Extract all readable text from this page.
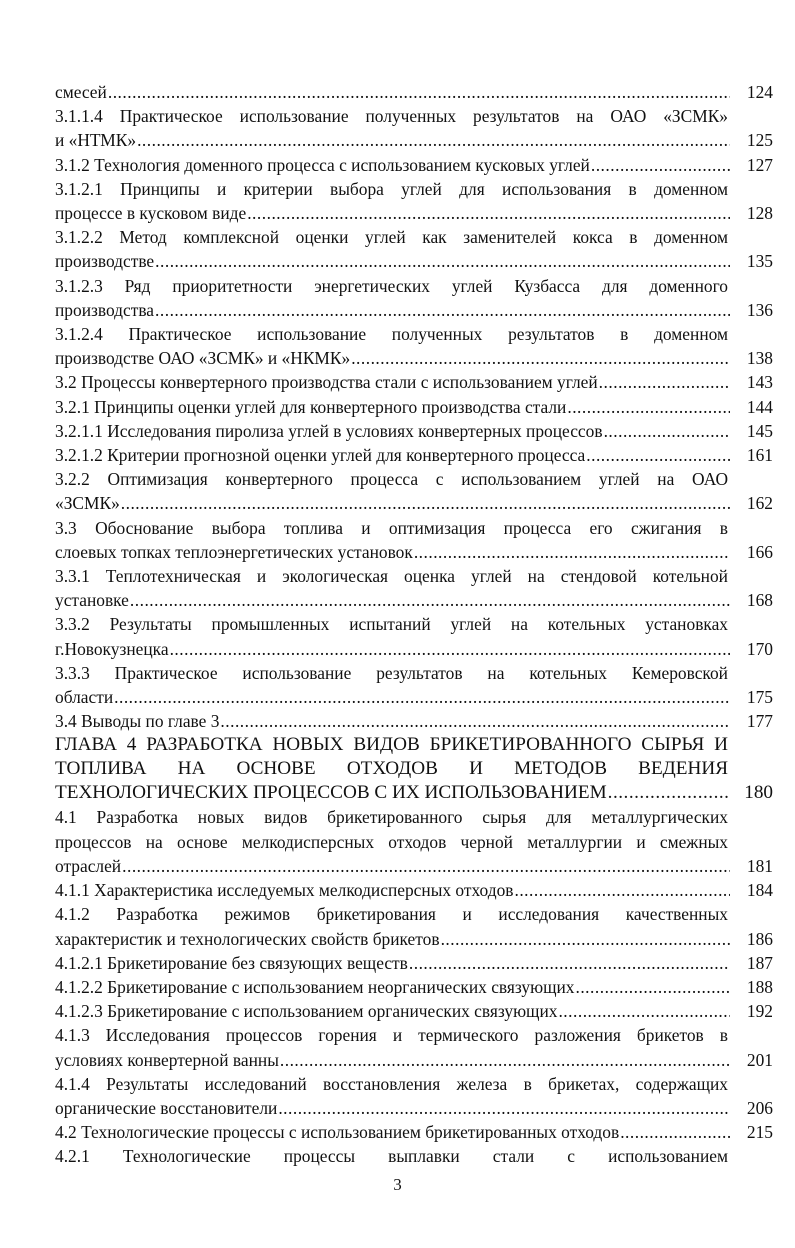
смесей .....	124
3.1.1.4 Практическое использование полученных результатов на ОАО «ЗСМК»
и «НТМК» .....	125
3.1.2 Технология доменного процесса с использованием кусковых углей .....	127
3.1.2.1 Принципы и критерии выбора углей для использования в доменном
процессе в кусковом виде .....	128
3.1.2.2 Метод комплексной оценки углей как заменителей кокса в доменном
производстве .....	135
3.1.2.3 Ряд приоритетности энергетических углей Кузбасса для доменного
производства .....	136
3.1.2.4 Практическое использование полученных результатов в доменном
производстве ОАО «ЗСМК» и «НКМК» .....	138
3.2 Процессы конвертерного производства стали с использованием углей .....	143
3.2.1 Принципы оценки углей для конвертерного производства стали .....	144
3.2.1.1 Исследования пиролиза углей в условиях конвертерных процессов .....	145
3.2.1.2 Критерии прогнозной оценки углей для конвертерного процесса .....	161
3.2.2 Оптимизация конвертерного процесса с использованием углей на ОАО
«ЗСМК» .....	162
3.3 Обоснование выбора топлива и оптимизация процесса его сжигания в
слоевых топках теплоэнергетических установок .....	166
3.3.1 Теплотехническая и экологическая оценка углей на стендовой котельной
установке .....	168
3.3.2 Результаты промышленных испытаний углей на котельных установках
г.Новокузнецка .....	170
3.3.3 Практическое использование результатов на котельных Кемеровской
области .....	175
3.4 Выводы по главе 3 .....	177
ГЛАВА 4 РАЗРАБОТКА НОВЫХ ВИДОВ БРИКЕТИРОВАННОГО СЫРЬЯ И
ТОПЛИВА НА ОСНОВЕ ОТХОДОВ И МЕТОДОВ ВЕДЕНИЯ
ТЕХНОЛОГИЧЕСКИХ ПРОЦЕССОВ С ИХ ИСПОЛЬЗОВАНИЕМ .....	180
4.1 Разработка новых видов брикетированного сырья для металлургических
процессов на основе мелкодисперсных отходов черной металлургии и смежных
отраслей .....	181
4.1.1 Характеристика исследуемых мелкодисперсных отходов .....	184
4.1.2 Разработка режимов брикетирования и исследования качественных
характеристик и технологических свойств брикетов .....	186
4.1.2.1 Брикетирование без связующих веществ .....	187
4.1.2.2 Брикетирование с использованием неорганических связующих .....	188
4.1.2.3 Брикетирование с использованием органических связующих .....	192
4.1.3 Исследования процессов горения и термического разложения брикетов в
условиях конвертерной ванны .....	201
4.1.4 Результаты исследований восстановления железа в брикетах, содержащих
органические восстановители .....	206
4.2 Технологические процессы с использованием брикетированных отходов .....	215
4.2.1 Технологические процессы выплавки стали с использованием
3
